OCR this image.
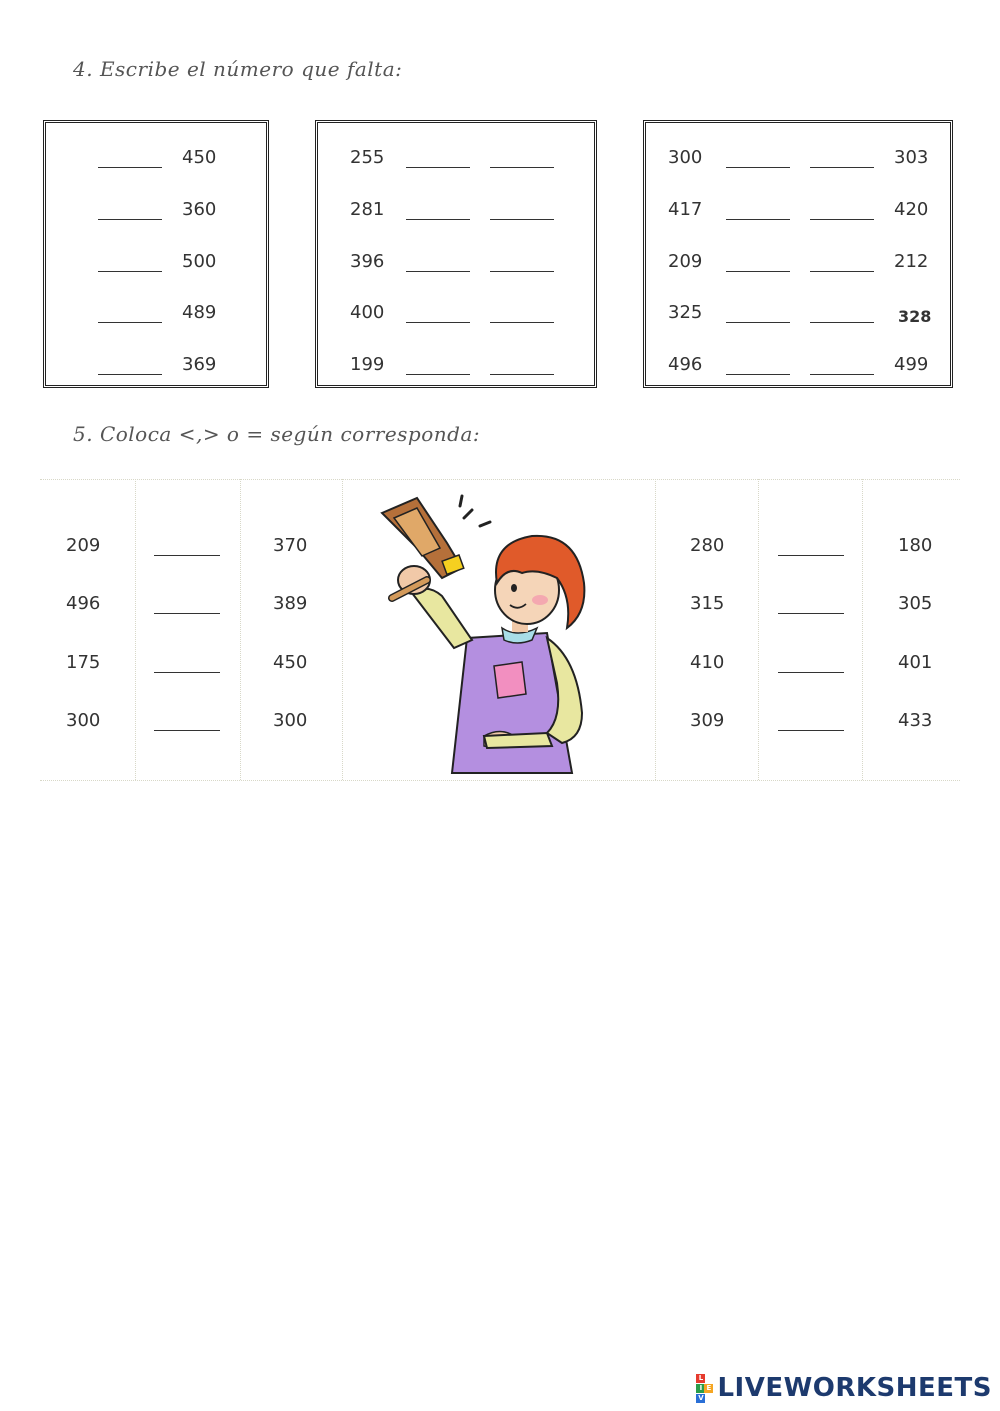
4. Escribe el número que falta:
450
360
500
489
369
255
281
396
400
199
300	303
417	420
209	212
325	328
496	499
5. Coloca <,> o = según corresponda:
209	370
496	389
175	450
300	300
280	180
315	305
410	401
309	433
L
I
V
E LIVEWORKSHEETS
